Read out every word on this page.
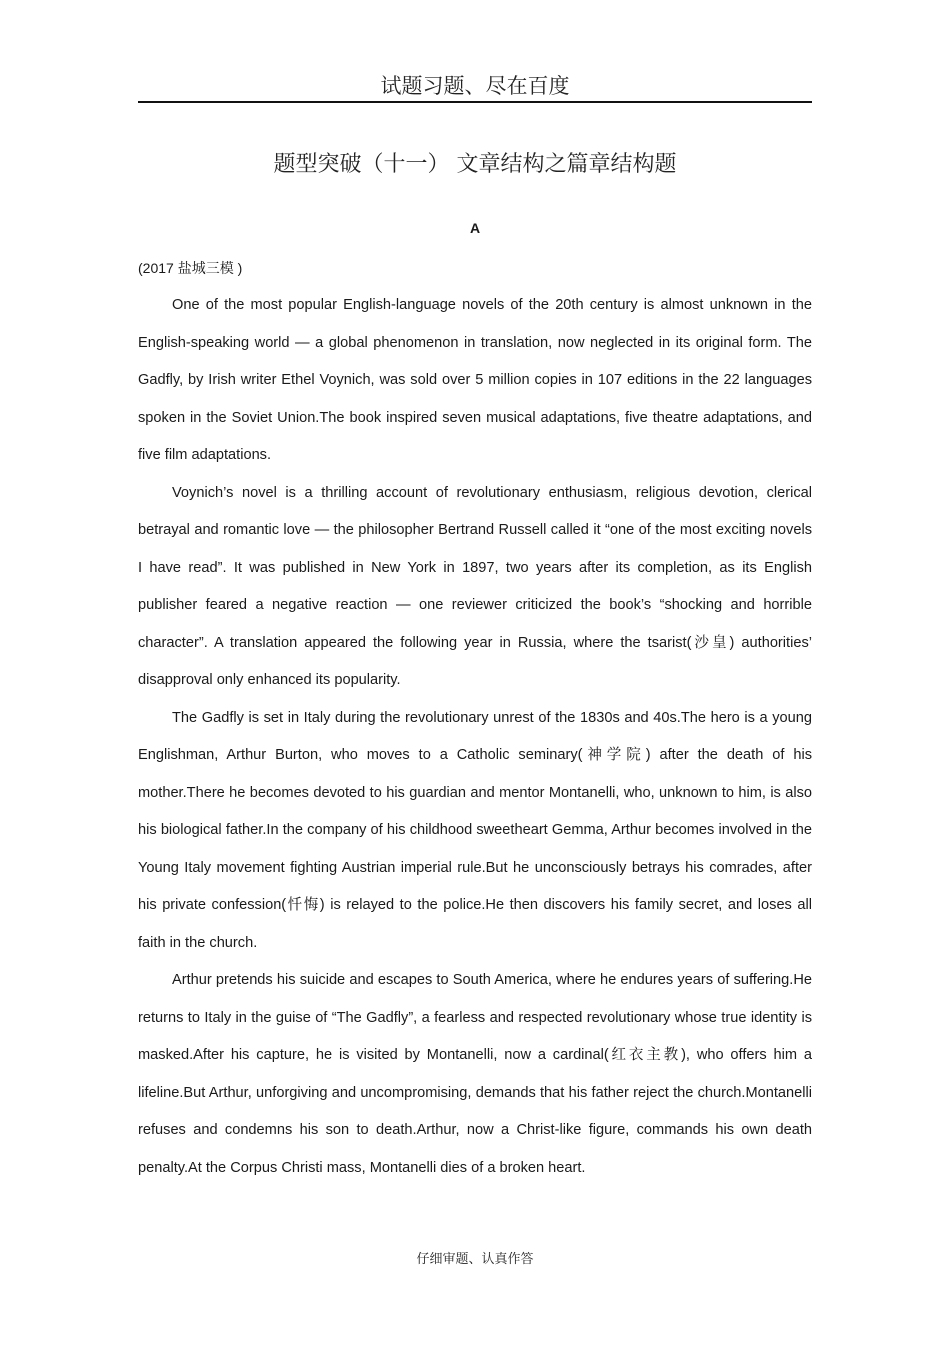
试题习题、尽在百度
题型突破（十一） 文章结构之篇章结构题
A
(2017 盐城三模 )

One of the most popular English-language novels of the 20th century is almost unknown in the English-speaking world — a global phenomenon in translation, now neglected in its original form. The Gadfly, by Irish writer Ethel Voynich, was sold over 5 million copies in 107 editions in the 22 languages spoken in the Soviet Union.The book inspired seven musical adaptations, five theatre adaptations, and five film adaptations.

Voynich’s novel is a thrilling account of revolutionary enthusiasm, religious devotion, clerical betrayal and romantic love — the philosopher Bertrand Russell called it “one of the most exciting novels I have read”. It was published in New York in 1897, two years after its completion, as its English publisher feared a negative reaction — one reviewer criticized the book’s “shocking and horrible character”. A translation appeared the following year in Russia, where the tsarist(沙皇) authorities’ disapproval only enhanced its popularity.

The Gadfly is set in Italy during the revolutionary unrest of the 1830s and 40s.The hero is a young Englishman, Arthur Burton, who moves to a Catholic seminary(神学院) after the death of his mother.There he becomes devoted to his guardian and mentor Montanelli, who, unknown to him, is also his biological father.In the company of his childhood sweetheart Gemma, Arthur becomes involved in the Young Italy movement fighting Austrian imperial rule.But he unconsciously betrays his comrades, after his private confession(忏悔) is relayed to the police.He then discovers his family secret, and loses all faith in the church.

Arthur pretends his suicide and escapes to South America, where he endures years of suffering.He returns to Italy in the guise of “The Gadfly”, a fearless and respected revolutionary whose true identity is masked.After his capture, he is visited by Montanelli, now a cardinal(红衣主教), who offers him a lifeline.But Arthur, unforgiving and uncompromising, demands that his father reject the church.Montanelli refuses and condemns his son to death.Arthur, now a Christ-like figure, commands his own death penalty.At the Corpus Christi mass, Montanelli dies of a broken heart.

仔细审题、认真作答
